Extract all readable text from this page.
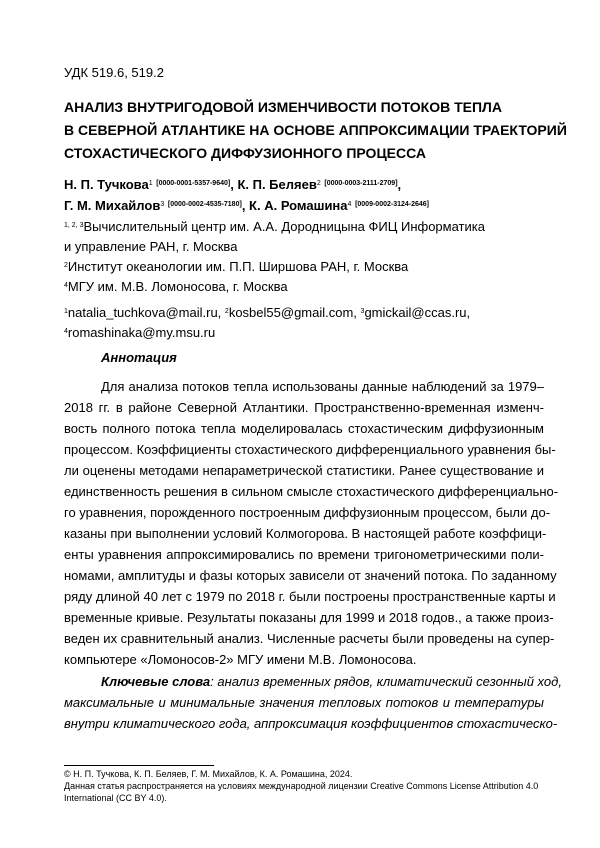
УДК 519.6, 519.2
АНАЛИЗ ВНУТРИГОДОВОЙ ИЗМЕНЧИВОСТИ ПОТОКОВ ТЕПЛА
В СЕВЕРНОЙ АТЛАНТИКЕ НА ОСНОВЕ АППРОКСИМАЦИИ ТРАЕКТОРИЙ
СТОХАСТИЧЕСКОГО ДИФФУЗИОННОГО ПРОЦЕССА
Н. П. Тучкова$^1$ [0000-0001-5357-9640], К. П. Беляев$^2$ [0000-0003-2111-2709],
Г. М. Михайлов$^3$ [0000-0002-4535-7180], К. А. Ромашина$^4$ [0009-0002-3124-2646]
$^{1, 2, 3}$Вычислительный центр им. А.А. Дородницына ФИЦ Информатика
и управление РАН, г. Москва
$^2$Институт океанологии им. П.П. Ширшова РАН, г. Москва
$^4$МГУ им. М.В. Ломоносова, г. Москва
$^1$natalia_tuchkova@mail.ru, $^2$kosbel55@gmail.com, $^3$gmickail@ccas.ru,
$^4$romashinaka@my.msu.ru
Аннотация
Для анализа потоков тепла использованы данные наблюдений за 1979–
2018 гг. в районе Северной Атлантики. Пространственно-временная изменч-
вость полного потока тепла моделировалась стохастическим диффузионным
процессом. Коэффициенты стохастического дифференциального уравнения бы-
ли оценены методами непараметрической статистики. Ранее существование и
единственность решения в сильном смысле стохастического дифференциально-
го уравнения, порожденного построенным диффузионным процессом, были до-
казаны при выполнении условий Колмогорова. В настоящей работе коэффици-
енты уравнения аппроксимировались по времени тригонометрическими поли-
номами, амплитуды и фазы которых зависели от значений потока. По заданному
ряду длиной 40 лет с 1979 по 2018 г. были построены пространственные карты и
временные кривые. Результаты показаны для 1999 и 2018 годов., а также произ-
веден их сравнительный анализ. Численные расчеты были проведены на супер-
компьютере «Ломоносов-2» МГУ имени М.В. Ломоносова.
Ключевые слова: анализ временных рядов, климатический сезонный ход,
максимальные и минимальные значения тепловых потоков и температуры
внутри климатического года, аппроксимация коэффициентов стохастическо-
© Н. П. Тучкова, К. П. Беляев, Г. М. Михайлов, К. А. Ромашина, 2024.
Данная статья распространяется на условиях международной лицензии Creative Commons License Attribution 4.0
International (CC BY 4.0).
